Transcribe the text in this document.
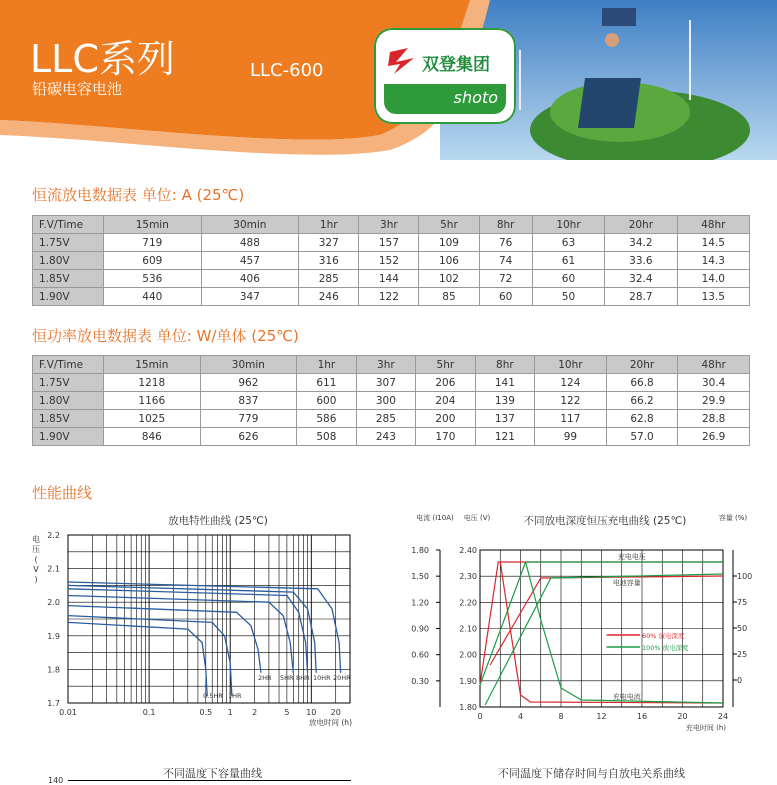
LLC系列
铅碳电容电池
LLC-600	双登集团
shoto
恒流放电数据表 单位: A (25℃)
F.V/Time	15min	30min	1hr	3hr	5hr	8hr	10hr	20hr	48hr
1.75V	719	488	327	157	109	76	63	34.2	14.5
1.80V	609	457	316	152	106	74	61	33.6	14.3
1.85V	536	406	285	144	102	72	60	32.4	14.0
1.90V	440	347	246	122	85	60	50	28.7	13.5
恒功率放电数据表 单位: W/单体 (25℃)
F.V/Time	15min	30min	1hr	3hr	5hr	8hr	10hr	20hr	48hr
1.75V	1218	962	611	307	206	141	124	66.8	30.4
1.80V	1166	837	600	300	204	139	122	66.2	29.9
1.85V	1025	779	586	285	200	137	117	62.8	28.8
1.90V	846	626	508	243	170	121	99	57.0	26.9
性能曲线
放电特性曲线 (25℃)
1.7
1.8
1.9
2.0
2.1
2.2
0.01	0.1	0.5 1 2	5 10 20
电
压
(
V
)
放电时间 (h)
2HR 5HR 8HR 10HR 20HR
0.5HR 1HR
不同放电深度恒压充电曲线 (25℃)
电流 (I10A) 电压 (V)	容量 (%)
2.40
2.30
2.20
2.10
2.00
1.90
1.80
1.80
1.50
1.20
0.90
0.60
0.30
100
75
50
25
0
0	4	8	12	16	20	24
充电时间 (h)
充电电压
电池容量
充电电流
60% 放电深度
100% 放电深度
不同温度下容量曲线
140
不同温度下储存时间与自放电关系曲线
